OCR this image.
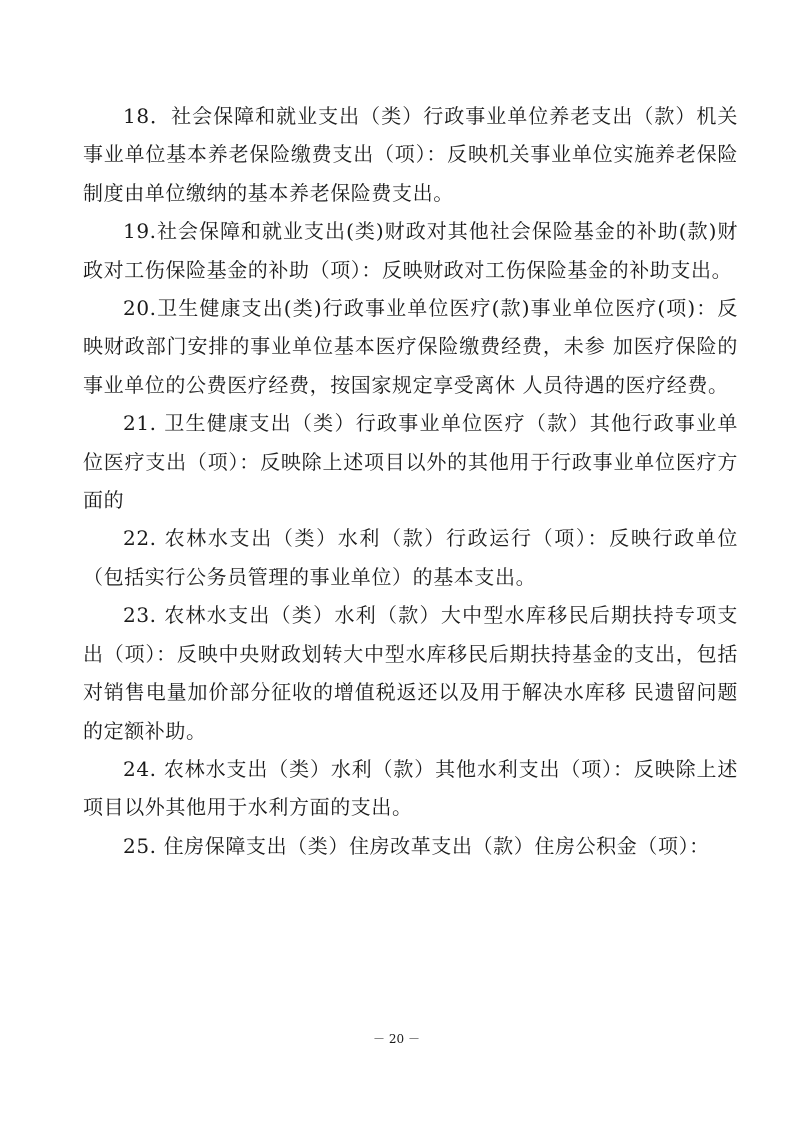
18．社会保障和就业支出（类）行政事业单位养老支出（款）机关事业单位基本养老保险缴费支出（项）：反映机关事业单位实施养老保险制度由单位缴纳的基本养老保险费支出。

19.社会保障和就业支出(类)财政对其他社会保险基金的补助(款)财政对工伤保险基金的补助（项）：反映财政对工伤保险基金的补助支出。

20.卫生健康支出(类)行政事业单位医疗(款)事业单位医疗(项)：反映财政部门安排的事业单位基本医疗保险缴费经费，未参 加医疗保险的事业单位的公费医疗经费，按国家规定享受离休 人员待遇的医疗经费。

21. 卫生健康支出（类）行政事业单位医疗（款）其他行政事业单位医疗支出（项）：反映除上述项目以外的其他用于行政事业单位医疗方面的

22. 农林水支出（类）水利（款）行政运行（项）：反映行政单位（包括实行公务员管理的事业单位）的基本支出。

23. 农林水支出（类）水利（款）大中型水库移民后期扶持专项支出（项）：反映中央财政划转大中型水库移民后期扶持基金的支出，包括对销售电量加价部分征收的增值税返还以及用于解决水库移 民遗留问题的定额补助。

24. 农林水支出（类）水利（款）其他水利支出（项）：反映除上述项目以外其他用于水利方面的支出。

25. 住房保障支出（类）住房改革支出（款）住房公积金（项）：

－ 20 －
